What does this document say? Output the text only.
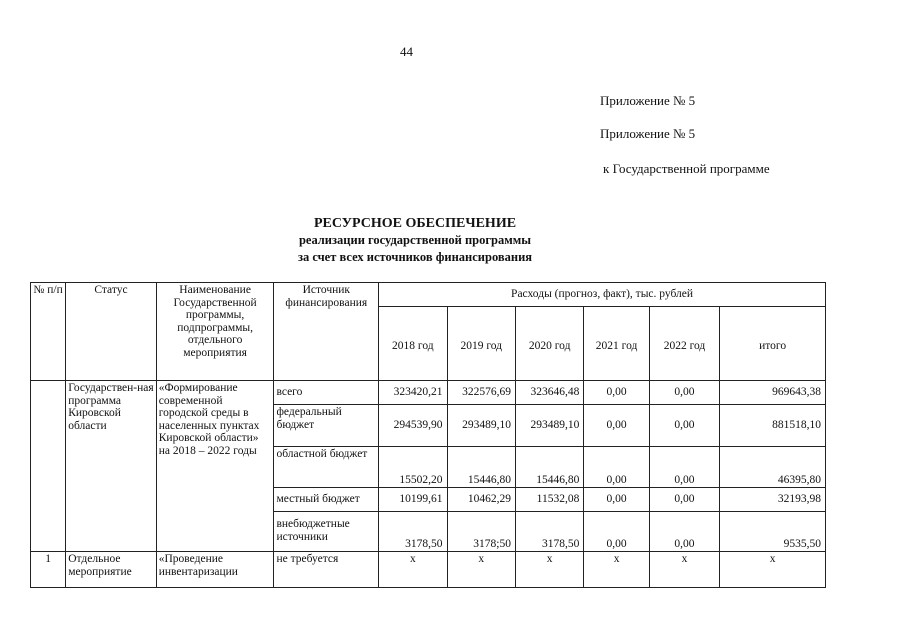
44
Приложение № 5
Приложение № 5
к Государственной программе
РЕСУРСНОЕ ОБЕСПЕЧЕНИЕ
реализации государственной программы
за счет всех источников финансирования
№ п/п	Статус	Наименование Государственной программы, подпрограммы, отдельного мероприятия	Источник финансирования	Расходы (прогноз, факт), тыс. рублей					
				2018 год	2019 год	2020 год	2021 год	2022 год	итого
	Государствен-ная программа Кировской области	«Формирование современной городской среды в населенных пунктах Кировской области» на 2018 – 2022 годы	всего	323420,21	322576,69	323646,48	0,00	0,00	969643,38
			федеральный бюджет	294539,90	293489,10	293489,10	0,00	0,00	881518,10
			областной бюджет	15502,20	15446,80	15446,80	0,00	0,00	46395,80
			местный бюджет	10199,61	10462,29	11532,08	0,00	0,00	32193,98
			внебюджетные источники	3178,50	3178;50	3178,50	0,00	0,00	9535,50
1	Отдельное мероприятие	«Проведение инвентаризации	не требуется	х	х	х	х	х	х
